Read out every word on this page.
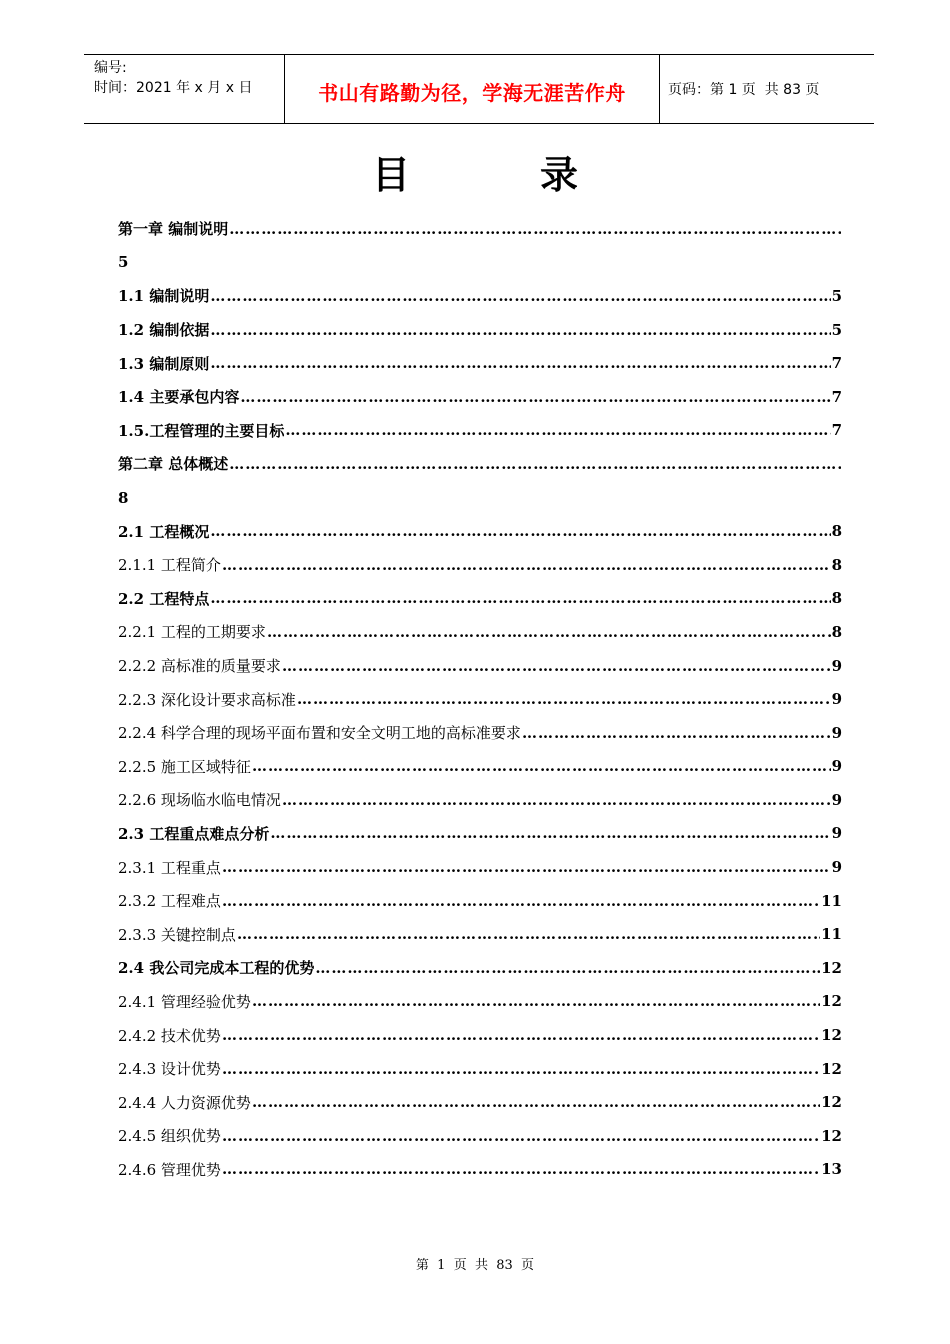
编号:
时间：2021 年 x 月 x 日	书山有路勤为径，学海无涯苦作舟	页码：第 1 页  共 83 页
目	录
第一章 编制说明
……………………………………………………………………………………………………………………………………………………
5
1.1 编制说明 ……………………………………………………………………………………………………………………………………………………	5
1.2 编制依据 ……………………………………………………………………………………………………………………………………………………	5
1.3 编制原则 ……………………………………………………………………………………………………………………………………………………	7
1.4 主要承包内容 ……………………………………………………………………………………………………………………………………………………	7
1.5.工程管理的主要目标 ……………………………………………………………………………………………………………………………………………………	7
第二章 总体概述
……………………………………………………………………………………………………………………………………………………
8
2.1 工程概况 ……………………………………………………………………………………………………………………………………………………	8
2.1.1 工程简介 ……………………………………………………………………………………………………………………………………………………	8
2.2 工程特点 ……………………………………………………………………………………………………………………………………………………	8
2.2.1 工程的工期要求 ……………………………………………………………………………………………………………………………………………………	8
2.2.2 高标准的质量要求 ……………………………………………………………………………………………………………………………………………………	9
2.2.3 深化设计要求高标准 ……………………………………………………………………………………………………………………………………………………	9
2.2.4 科学合理的现场平面布置和安全文明工地的高标准要求 ……………………………………………………………………………………………………………………………………………………	9
2.2.5 施工区域特征 ……………………………………………………………………………………………………………………………………………………	9
2.2.6 现场临水临电情况 ……………………………………………………………………………………………………………………………………………………	9
2.3 工程重点难点分析 ……………………………………………………………………………………………………………………………………………………	9
2.3.1 工程重点 ……………………………………………………………………………………………………………………………………………………	9
2.3.2 工程难点 ……………………………………………………………………………………………………………………………………………………	11
2.3.3 关键控制点 ……………………………………………………………………………………………………………………………………………………	11
2.4 我公司完成本工程的优势 ……………………………………………………………………………………………………………………………………………………	12
2.4.1 管理经验优势 ……………………………………………………………………………………………………………………………………………………	12
2.4.2 技术优势 ……………………………………………………………………………………………………………………………………………………	12
2.4.3 设计优势 ……………………………………………………………………………………………………………………………………………………	12
2.4.4 人力资源优势 ……………………………………………………………………………………………………………………………………………………	12
2.4.5 组织优势 ……………………………………………………………………………………………………………………………………………………	12
2.4.6 管理优势 ……………………………………………………………………………………………………………………………………………………	13
第  1  页  共  83  页
